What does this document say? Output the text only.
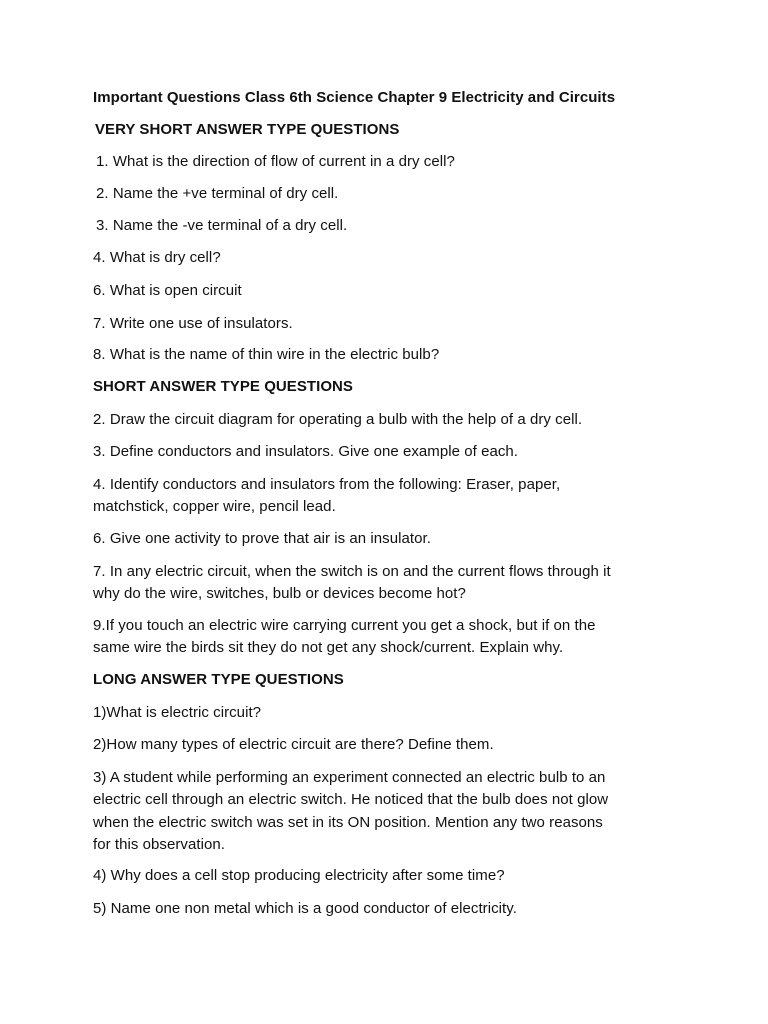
Important Questions Class 6th Science Chapter 9 Electricity and Circuits
VERY SHORT ANSWER TYPE QUESTIONS
1. What is the direction of flow of current in a dry cell?
2. Name the +ve terminal of dry cell.
3. Name the -ve terminal of a dry cell.
4. What is dry cell?
6. What is open circuit
7. Write one use of insulators.
8. What is the name of thin wire in the electric bulb?
SHORT ANSWER TYPE QUESTIONS
2. Draw the circuit diagram for operating a bulb with the help of a dry cell.
3. Define conductors and insulators. Give one example of each.
4. Identify conductors and insulators from the following: Eraser, paper,
matchstick, copper wire, pencil lead.
6. Give one activity to prove that air is an insulator.
7. In any electric circuit, when the switch is on and the current flows through it
why do the wire, switches, bulb or devices become hot?
9.If you touch an electric wire carrying current you get a shock, but if on the
same wire the birds sit they do not get any shock/current. Explain why.
LONG ANSWER TYPE QUESTIONS
1)What is electric circuit?
2)How many types of electric circuit are there? Define them.
3) A student while performing an experiment connected an electric bulb to an
electric cell through an electric switch. He noticed that the bulb does not glow
when the electric switch was set in its ON position. Mention any two reasons
for this observation.
4) Why does a cell stop producing electricity after some time?
5) Name one non metal which is a good conductor of electricity.
